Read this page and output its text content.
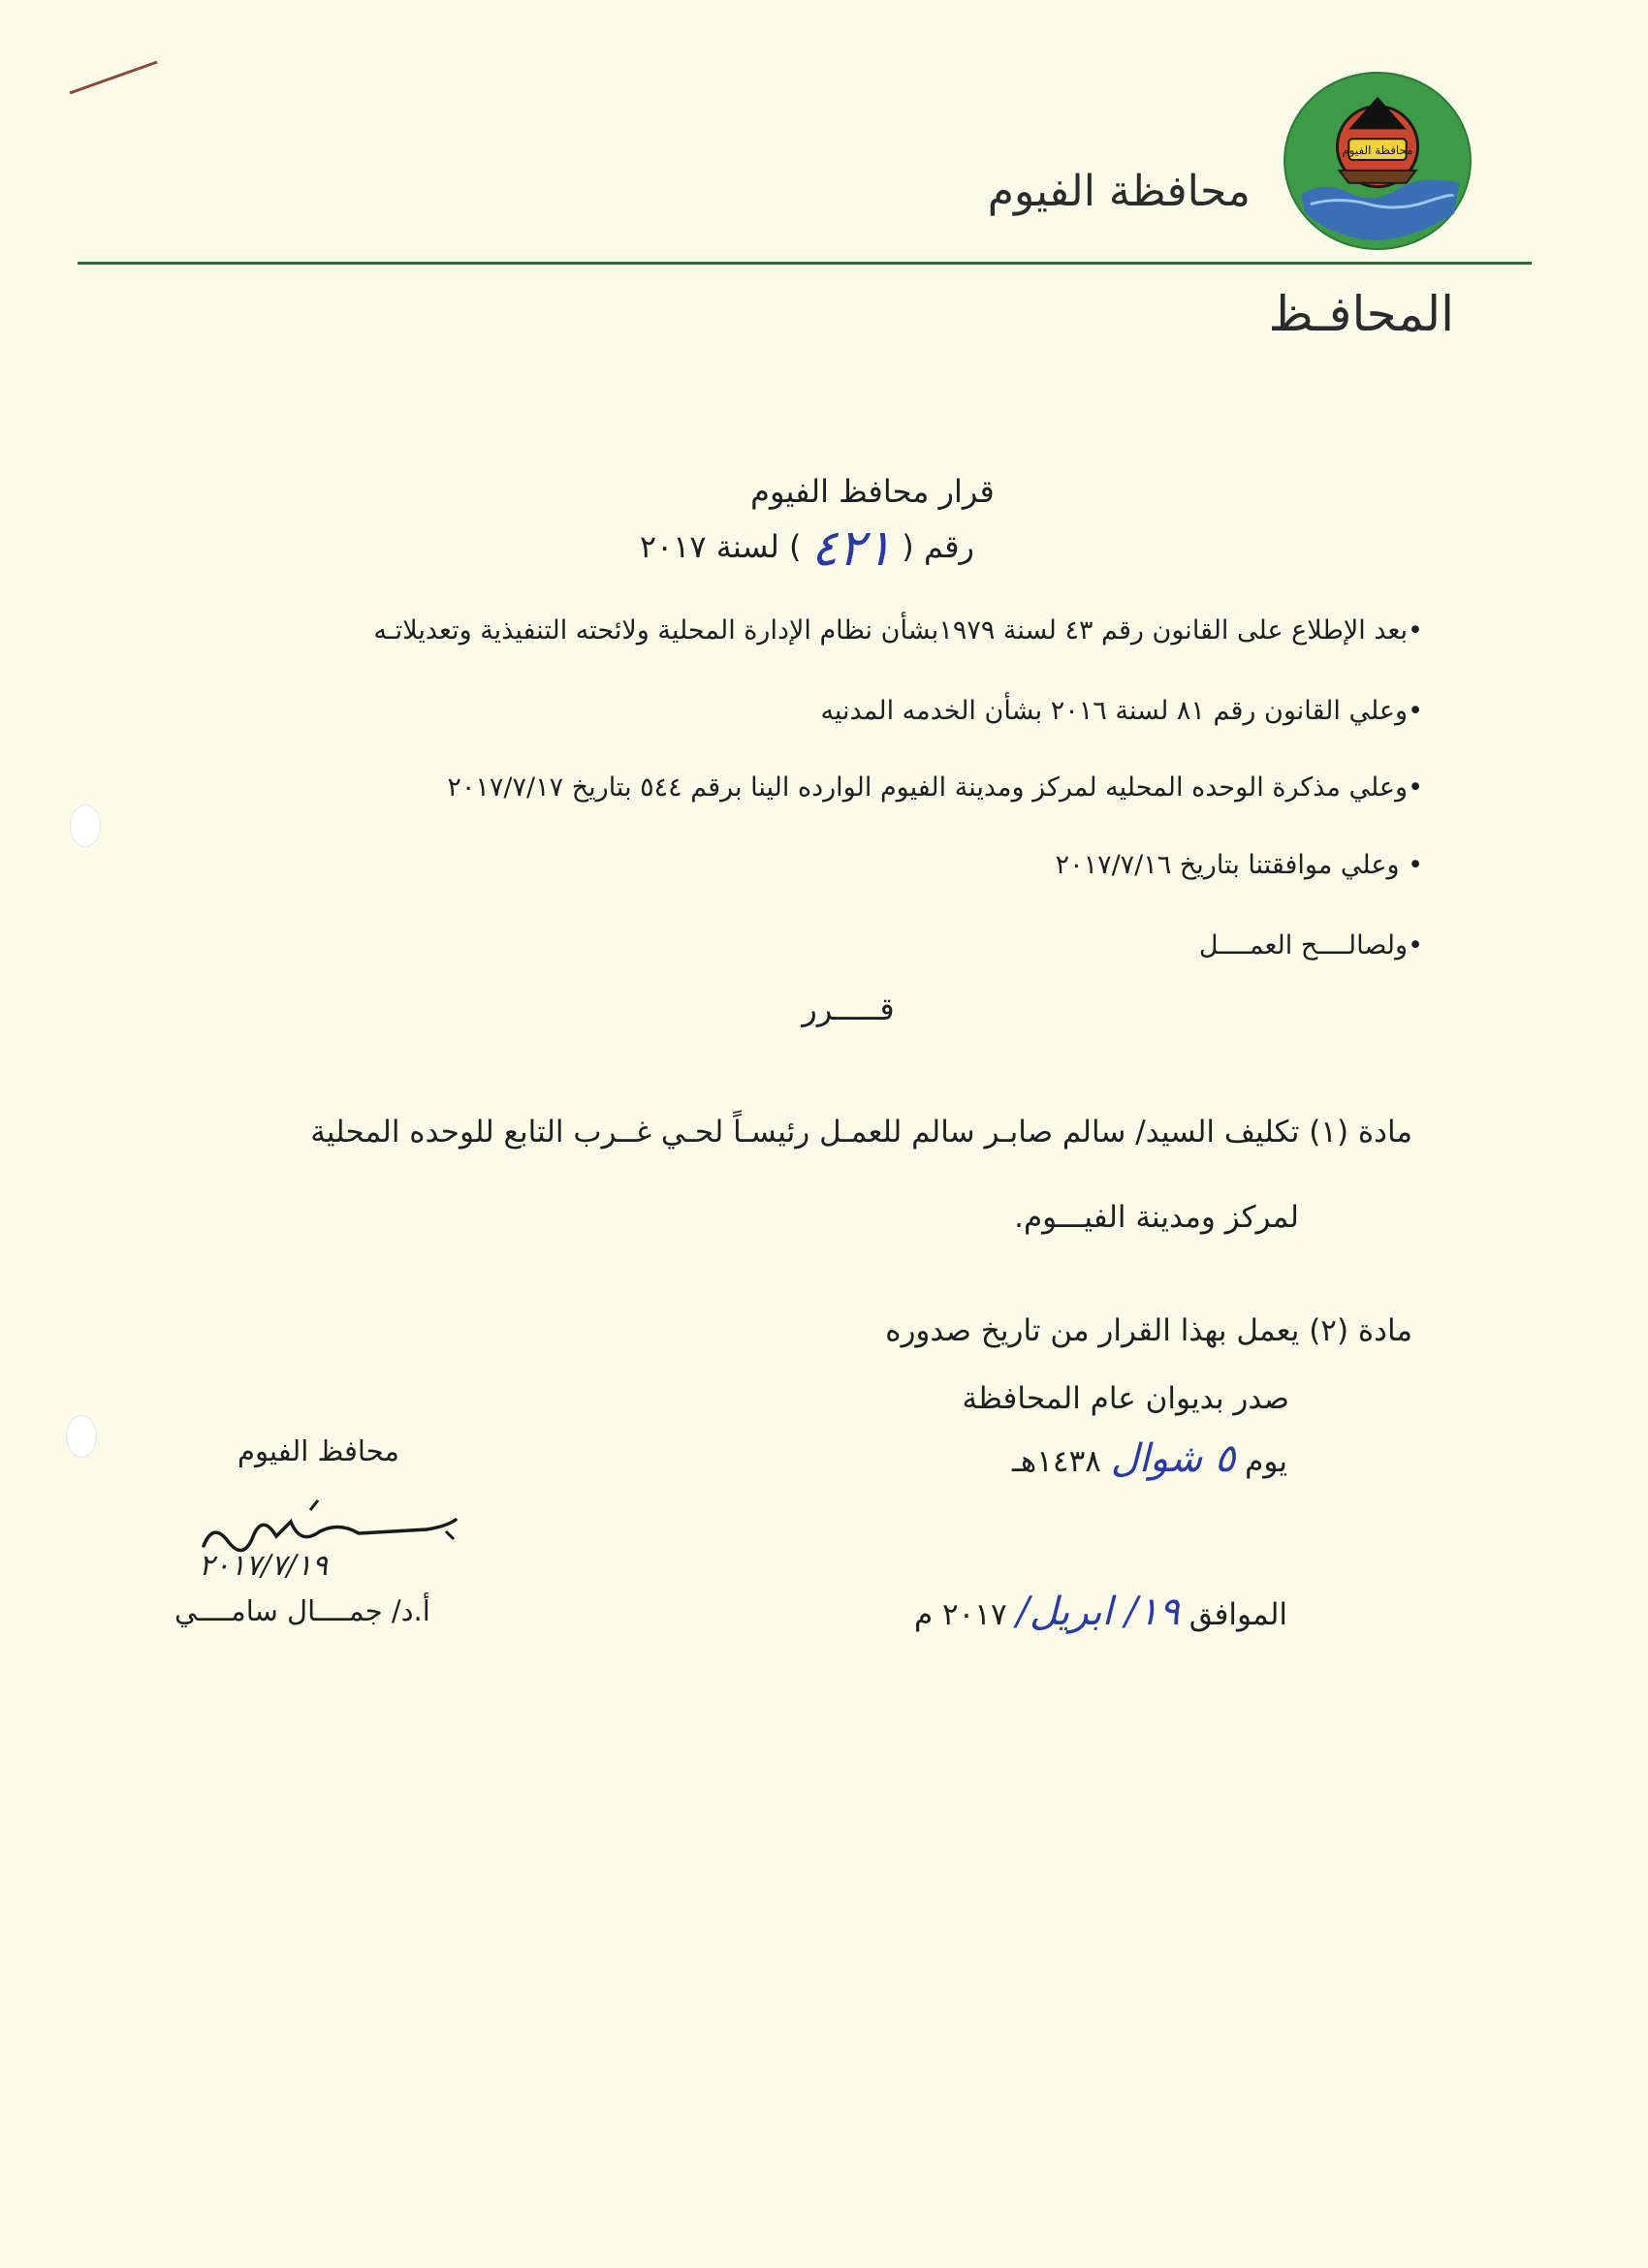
محافظة الفيوم
محافظة الفيوم
المحافـظ
قرار محافظ الفيوم
رقم (٤٢١) لسنة ٢٠١٧
•بعد الإطلاع على القانون رقم ٤٣ لسنة ١٩٧٩بشأن نظام الإدارة المحلية ولائحته التنفيذية وتعديلاتـه
•وعلي القانون رقم ٨١ لسنة ٢٠١٦ بشأن الخدمه المدنيه
•وعلي مذكرة الوحده المحليه لمركز ومدينة الفيوم الوارده الينا برقم ٥٤٤ بتاريخ ٢٠١٧/٧/١٧
• وعلي موافقتنا بتاريخ ٢٠١٧/٧/١٦
•ولصالــــح العمــــل
قـــــرر
مادة (١) تكليف السيد/ سالم صابـر سالم للعمـل رئيسـاً لحـي غــرب التابع للوحده المحلية
لمركز ومدينة الفيـــوم.
مادة (٢) يعمل بهذا القرار من تاريخ صدوره
صدر بديوان عام المحافظة
يوم ٥ شوال ١٤٣٨هـ
الموافق ١٩/ ابريل/ ٢٠١٧ م
محافظ الفيوم
٢٠١٧/٧/١٩
أ.د/ جمــــال سامــــي
